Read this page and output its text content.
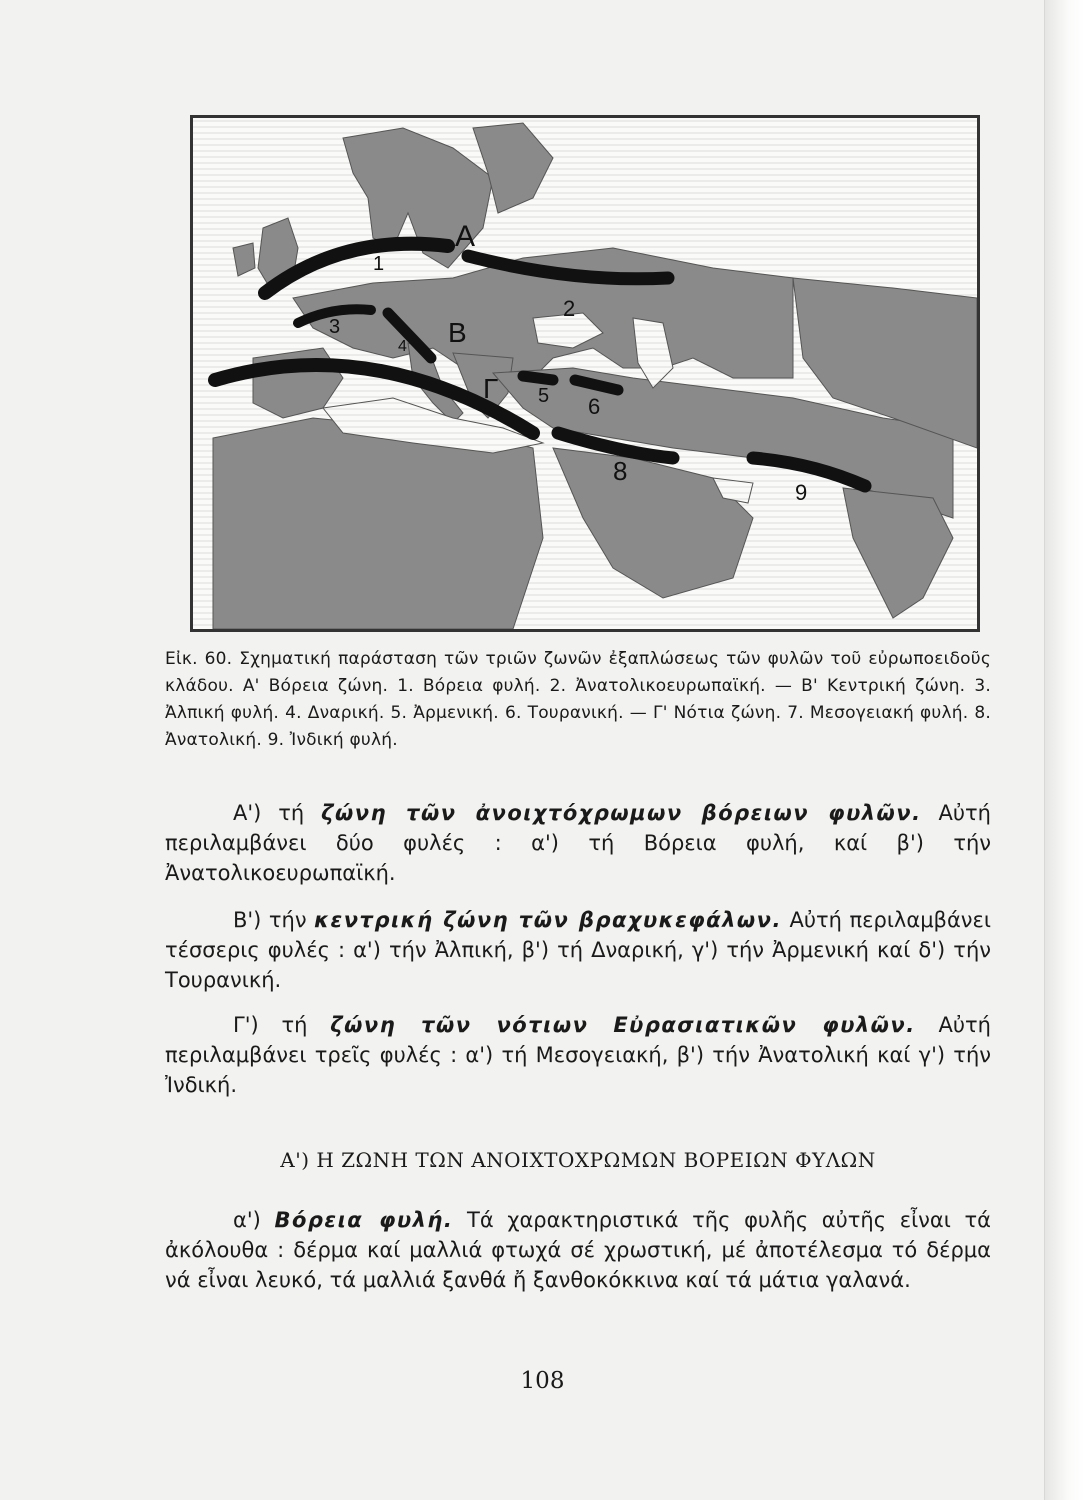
Α
Β
Γ
1
2
3
4
5 6
8
9
Εἰκ. 60. Σχηματική παράσταση τῶν τριῶν ζωνῶν ἐξαπλώσεως τῶν φυλῶν τοῦ εὐρωποειδοῦς κλάδου. Α' Βόρεια ζώνη. 1. Βόρεια φυλή. 2. Ἀνατολικοευρωπαϊκή. — Β' Κεντρική ζώνη. 3. Ἀλπική φυλή. 4. Δναρική. 5. Ἀρμενική. 6. Τουρανική. — Γ' Νότια ζώνη. 7. Μεσογειακή φυλή. 8. Ἀνατολική. 9. Ἰνδική φυλή.
Α') τή ζώνη τῶν ἀνοιχτόχρωμων βόρειων φυλῶν. Αὐτή περιλαμβάνει δύο φυλές : α') τή Βόρεια φυλή, καί β') τήν Ἀνατολικοευρωπαϊκή.
Β') τήν κεντρική ζώνη τῶν βραχυκεφάλων. Αὐτή περιλαμβάνει τέσσερις φυλές : α') τήν Ἀλπική, β') τή Δναρική, γ') τήν Ἀρμενική καί δ') τήν Τουρανική.
Γ') τή ζώνη τῶν νότιων Εὐρασιατικῶν φυλῶν. Αὐτή περιλαμβάνει τρεῖς φυλές : α') τή Μεσογειακή, β') τήν Ἀνατολική καί γ') τήν Ἰνδική.
Α') Η ΖΩΝΗ ΤΩΝ ΑΝΟΙΧΤΟΧΡΩΜΩΝ ΒΟΡΕΙΩΝ ΦΥΛΩΝ
α') Βόρεια φυλή. Τά χαρακτηριστικά τῆς φυλῆς αὐτῆς εἶναι τά ἀκόλουθα : δέρμα καί μαλλιά φτωχά σέ χρωστική, μέ ἀποτέλεσμα τό δέρμα νά εἶναι λευκό, τά μαλλιά ξανθά ἤ ξανθοκόκκινα καί τά μάτια γαλανά.
108
